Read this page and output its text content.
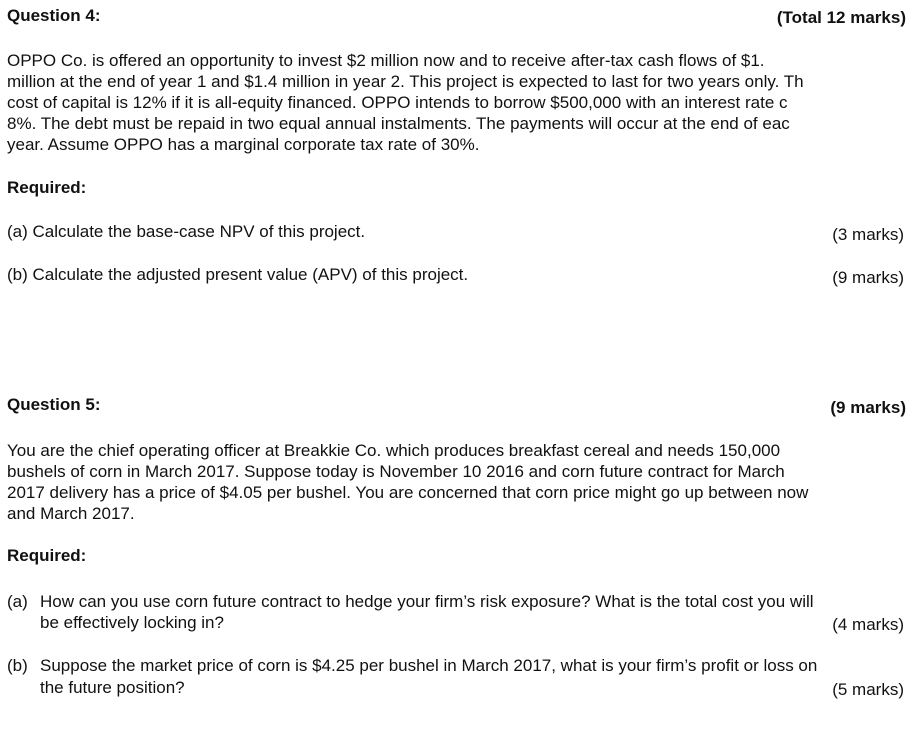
Question 4:	(Total 12 marks)
OPPO Co. is offered an opportunity to invest $2 million now and to receive after-tax cash flows of $1.
million at the end of year 1 and $1.4 million in year 2. This project is expected to last for two years only. Th
cost of capital is 12% if it is all-equity financed. OPPO intends to borrow $500,000 with an interest rate c
8%. The debt must be repaid in two equal annual instalments. The payments will occur at the end of eac
year. Assume OPPO has a marginal corporate tax rate of 30%.
Required:
(a) Calculate the base-case NPV of this project.	(3 marks)
(b) Calculate the adjusted present value (APV) of this project.	(9 marks)
Question 5:	(9 marks)
You are the chief operating officer at Breakkie Co. which produces breakfast cereal and needs 150,000
bushels of corn in March 2017. Suppose today is November 10 2016 and corn future contract for March
2017 delivery has a price of $4.05 per bushel. You are concerned that corn price might go up between now
and March 2017.
Required:
(a) How can you use corn future contract to hedge your firm’s risk exposure? What is the total cost you will
be effectively locking in?	(4 marks)
(b) Suppose the market price of corn is $4.25 per bushel in March 2017, what is your firm’s profit or loss on
the future position?	(5 marks)
